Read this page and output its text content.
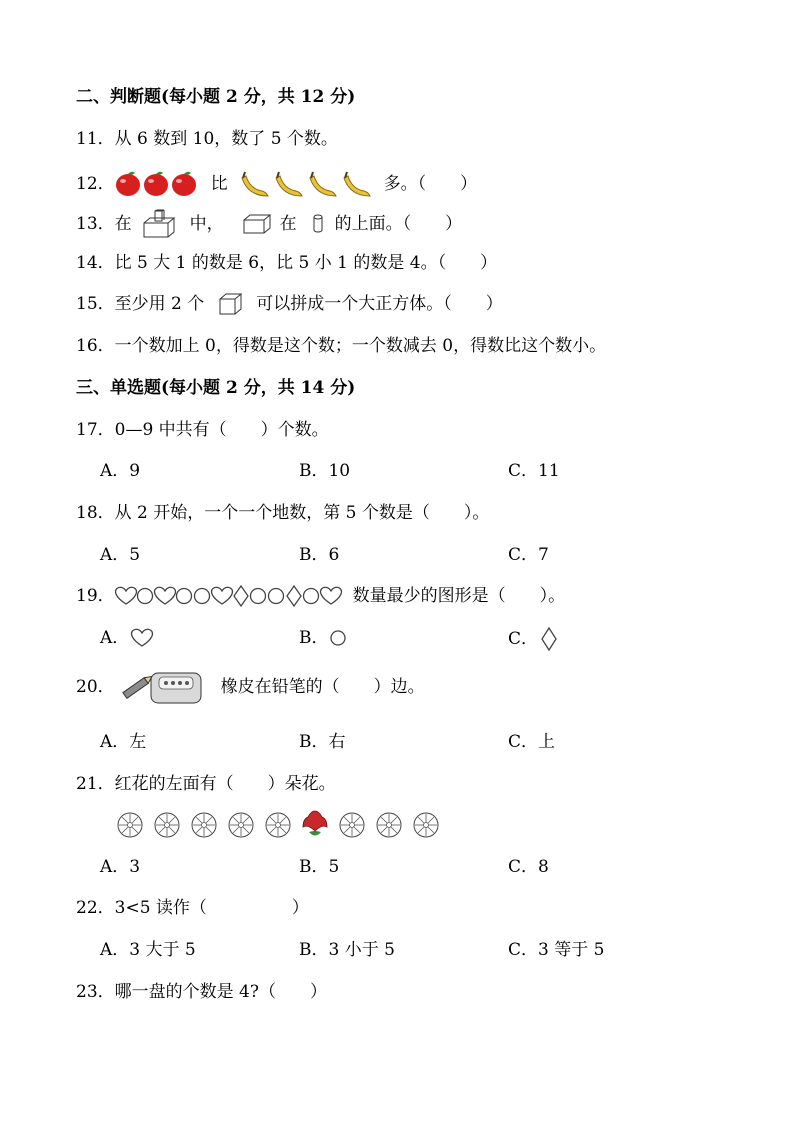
二、判断题(每小题 2 分，共 12 分)
11．从 6 数到 10，数了 5 个数。
12．	比	多。（　　）
13．在	中，	在 的上面。（　　）
14．比 5 大 1 的数是 6，比 5 小 1 的数是 4。（　　）
15．至少用 2 个	可以拼成一个大正方体。（　　）
16．一个数加上 0，得数是这个数；一个数减去 0，得数比这个数小。
三、单选题(每小题 2 分，共 14 分)
17．0—9 中共有（　　）个数。
A．9	B．10	C．11
18．从 2 开始，一个一个地数，第 5 个数是（　　）。
A．5	B．6	C．7
19．	数量最少的图形是（　　）。
A．	B．	C．
20．	橡皮在铅笔的（　　）边。
A．左	B．右	C．上
21．红花的左面有（　　）朵花。
A．3	B．5	C．8
22．3<5 读作（　　　　　）
A．3 大于 5	B．3 小于 5	C．3 等于 5
23．哪一盘的个数是 4?（　　）
